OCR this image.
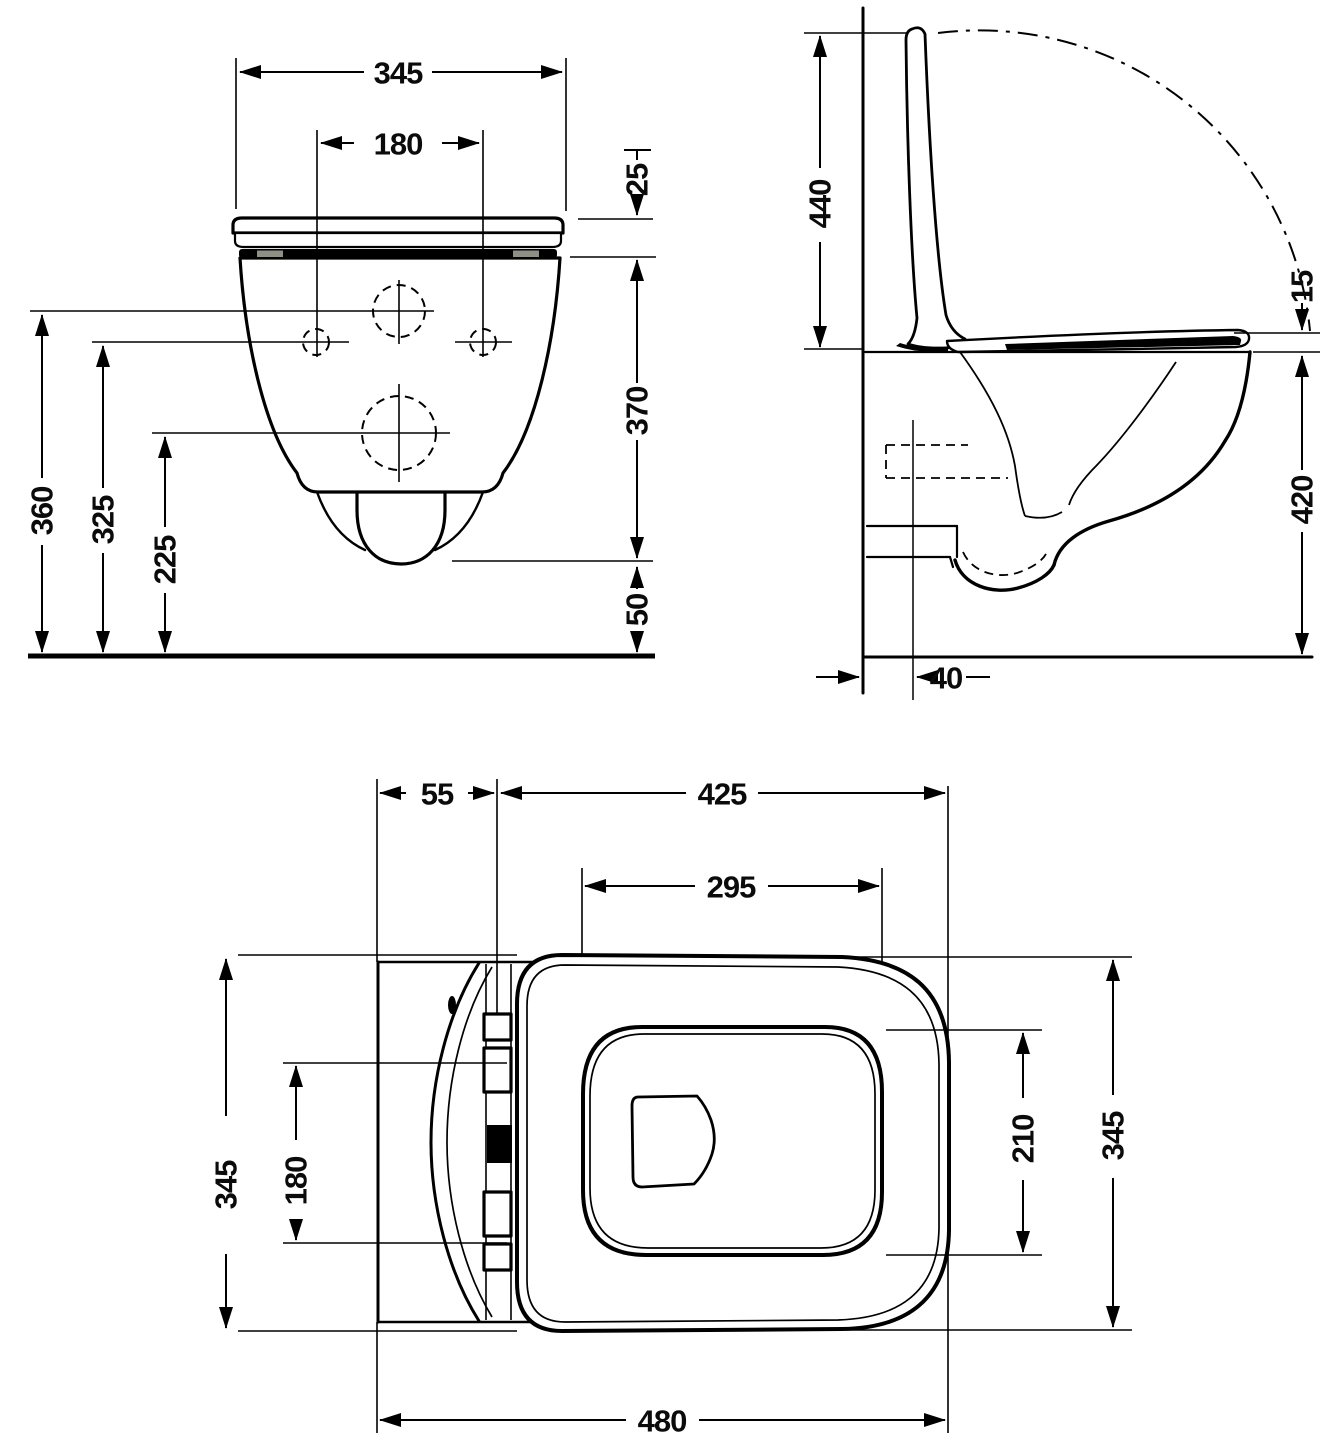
345
180
25
370
50
360 325
225
440
15
420
40
55	425
295
345 180
210 345
480
